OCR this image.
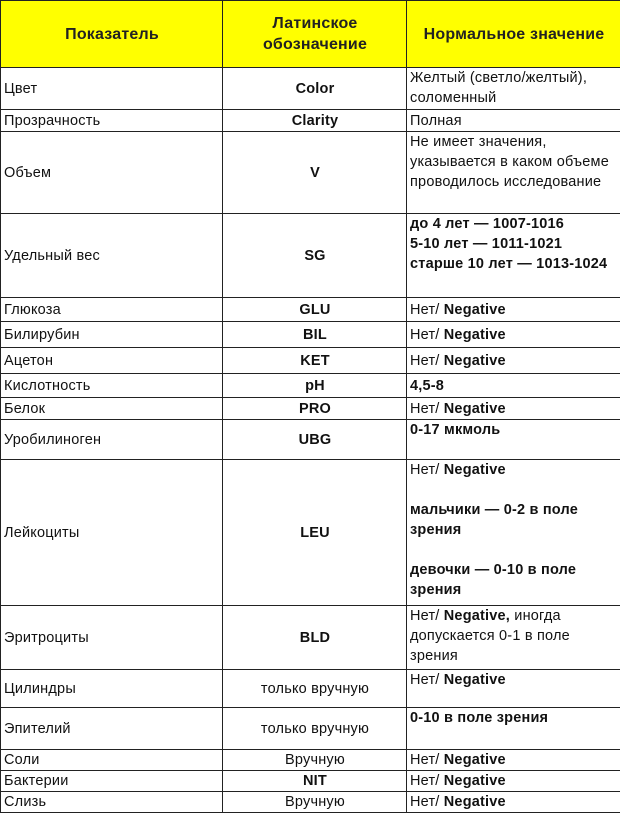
Показатель	Латинское обозначение	Нормальное значение
Цвет	Color	Желтый (светло/желтый), соломенный
Прозрачность	Clarity	Полная
Объем	V	Не имеет значения, указывается в каком объеме проводилось исследование
Удельный вес	SG	до 4 лет — 1007-1016
5-10 лет — 1011-1021
старше 10 лет — 1013-1024

Глюкоза	GLU	Нет/ Negative
Билирубин	BIL	Нет/ Negative
Ацетон	KET	Нет/ Negative
Кислотность	pH	4,5-8
Белок	PRO	Нет/ Negative
Уробилиноген	UBG	0-17 мкмоль
Лейкоциты	LEU	Нет/ Negative
мальчики — 0-2 в поле зрения
девочки — 0-10 в поле зрения

Эритроциты	BLD	Нет/ Negative, иногда допускается 0-1 в поле зрения
Цилиндры	только вручную	Нет/ Negative
Эпителий	только вручную	0-10 в поле зрения
Соли	Вручную	Нет/ Negative
Бактерии	NIT	Нет/ Negative
Слизь	Вручную	Нет/ Negative
